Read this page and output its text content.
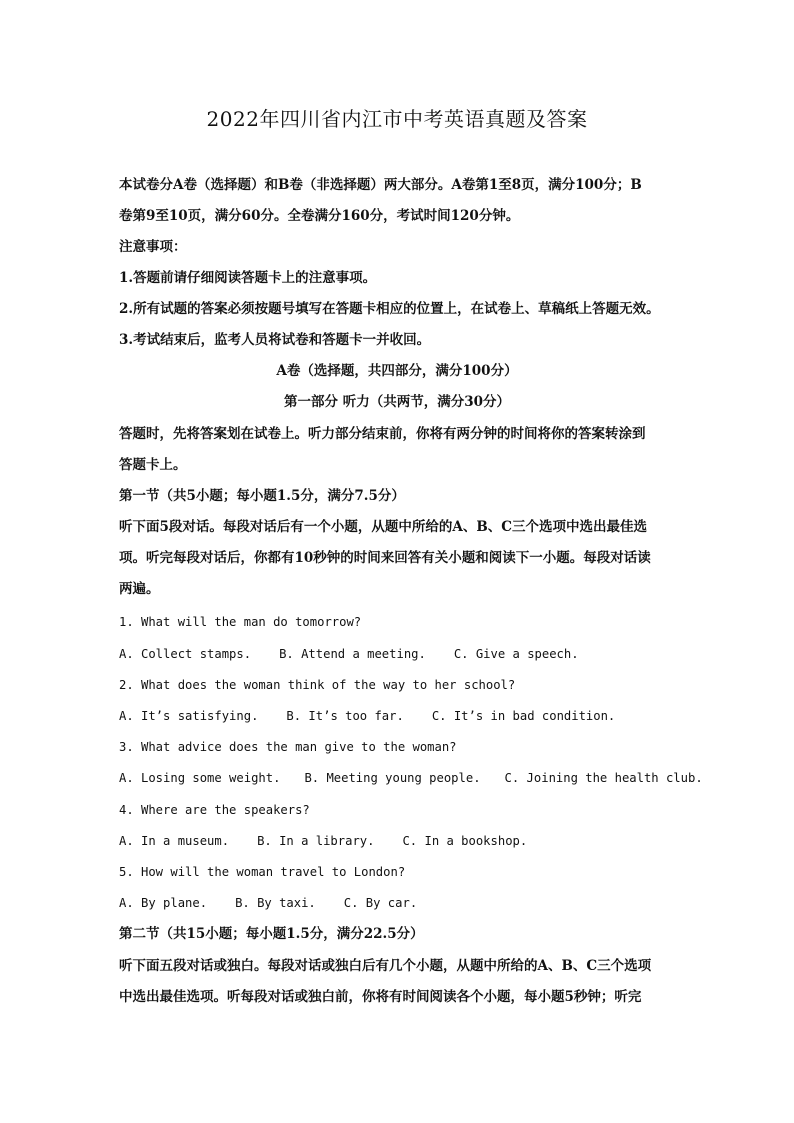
2022年四川省内江市中考英语真题及答案
本试卷分A卷（选择题）和B卷（非选择题）两大部分。A卷第1至8页，满分100分；B
卷第9至10页，满分60分。全卷满分160分，考试时间120分钟。
注意事项：
1.答题前请仔细阅读答题卡上的注意事项。
2.所有试题的答案必须按题号填写在答题卡相应的位置上，在试卷上、草稿纸上答题无效。
3.考试结束后，监考人员将试卷和答题卡一并收回。
A卷（选择题，共四部分，满分100分）
第一部分 听力（共两节，满分30分）
答题时，先将答案划在试卷上。听力部分结束前，你将有两分钟的时间将你的答案转涂到
答题卡上。
第一节（共5小题；每小题1.5分，满分7.5分）
听下面5段对话。每段对话后有一个小题，从题中所给的A、B、C三个选项中选出最佳选
项。听完每段对话后，你都有10秒钟的时间来回答有关小题和阅读下一小题。每段对话读
两遍。
1. What will the man do tomorrow?
A. Collect stamps. B. Attend a meeting. C. Give a speech.
2. What does the woman think of the way to her school?
A. It’s satisfying. B. It’s too far. C. It’s in bad condition.
3. What advice does the man give to the woman?
A. Losing some weight. B. Meeting young people. C. Joining the health club.
4. Where are the speakers?
A. In a museum. B. In a library. C. In a bookshop.
5. How will the woman travel to London?
A. By plane. B. By taxi. C. By car.
第二节（共15小题；每小题1.5分，满分22.5分）
听下面五段对话或独白。每段对话或独白后有几个小题，从题中所给的A、B、C三个选项
中选出最佳选项。听每段对话或独白前，你将有时间阅读各个小题，每小题5秒钟；听完
